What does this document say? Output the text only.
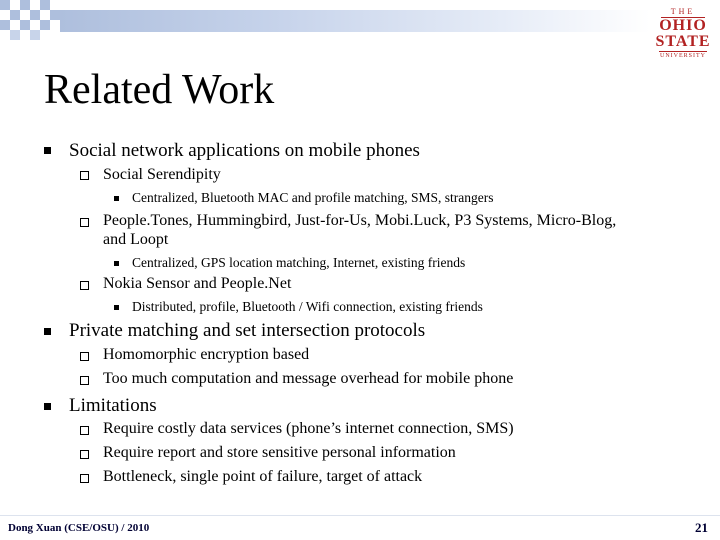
THE
OHIO
STATE
UNIVERSITY
Related Work
Social network applications on mobile phones
Social Serendipity
Centralized, Bluetooth MAC and profile matching, SMS, strangers
People.Tones, Hummingbird, Just-for-Us, Mobi.Luck, P3 Systems, Micro-Blog,
and Loopt
Centralized, GPS location matching, Internet, existing friends
Nokia Sensor and People.Net
Distributed, profile, Bluetooth / Wifi connection, existing friends
Private matching and set intersection protocols
Homomorphic encryption based
Too much computation and message overhead for mobile phone
Limitations
Require costly data services (phone’s internet connection, SMS)
Require report and store sensitive personal information
Bottleneck, single point of failure, target of attack
Dong Xuan (CSE/OSU) / 2010	21
